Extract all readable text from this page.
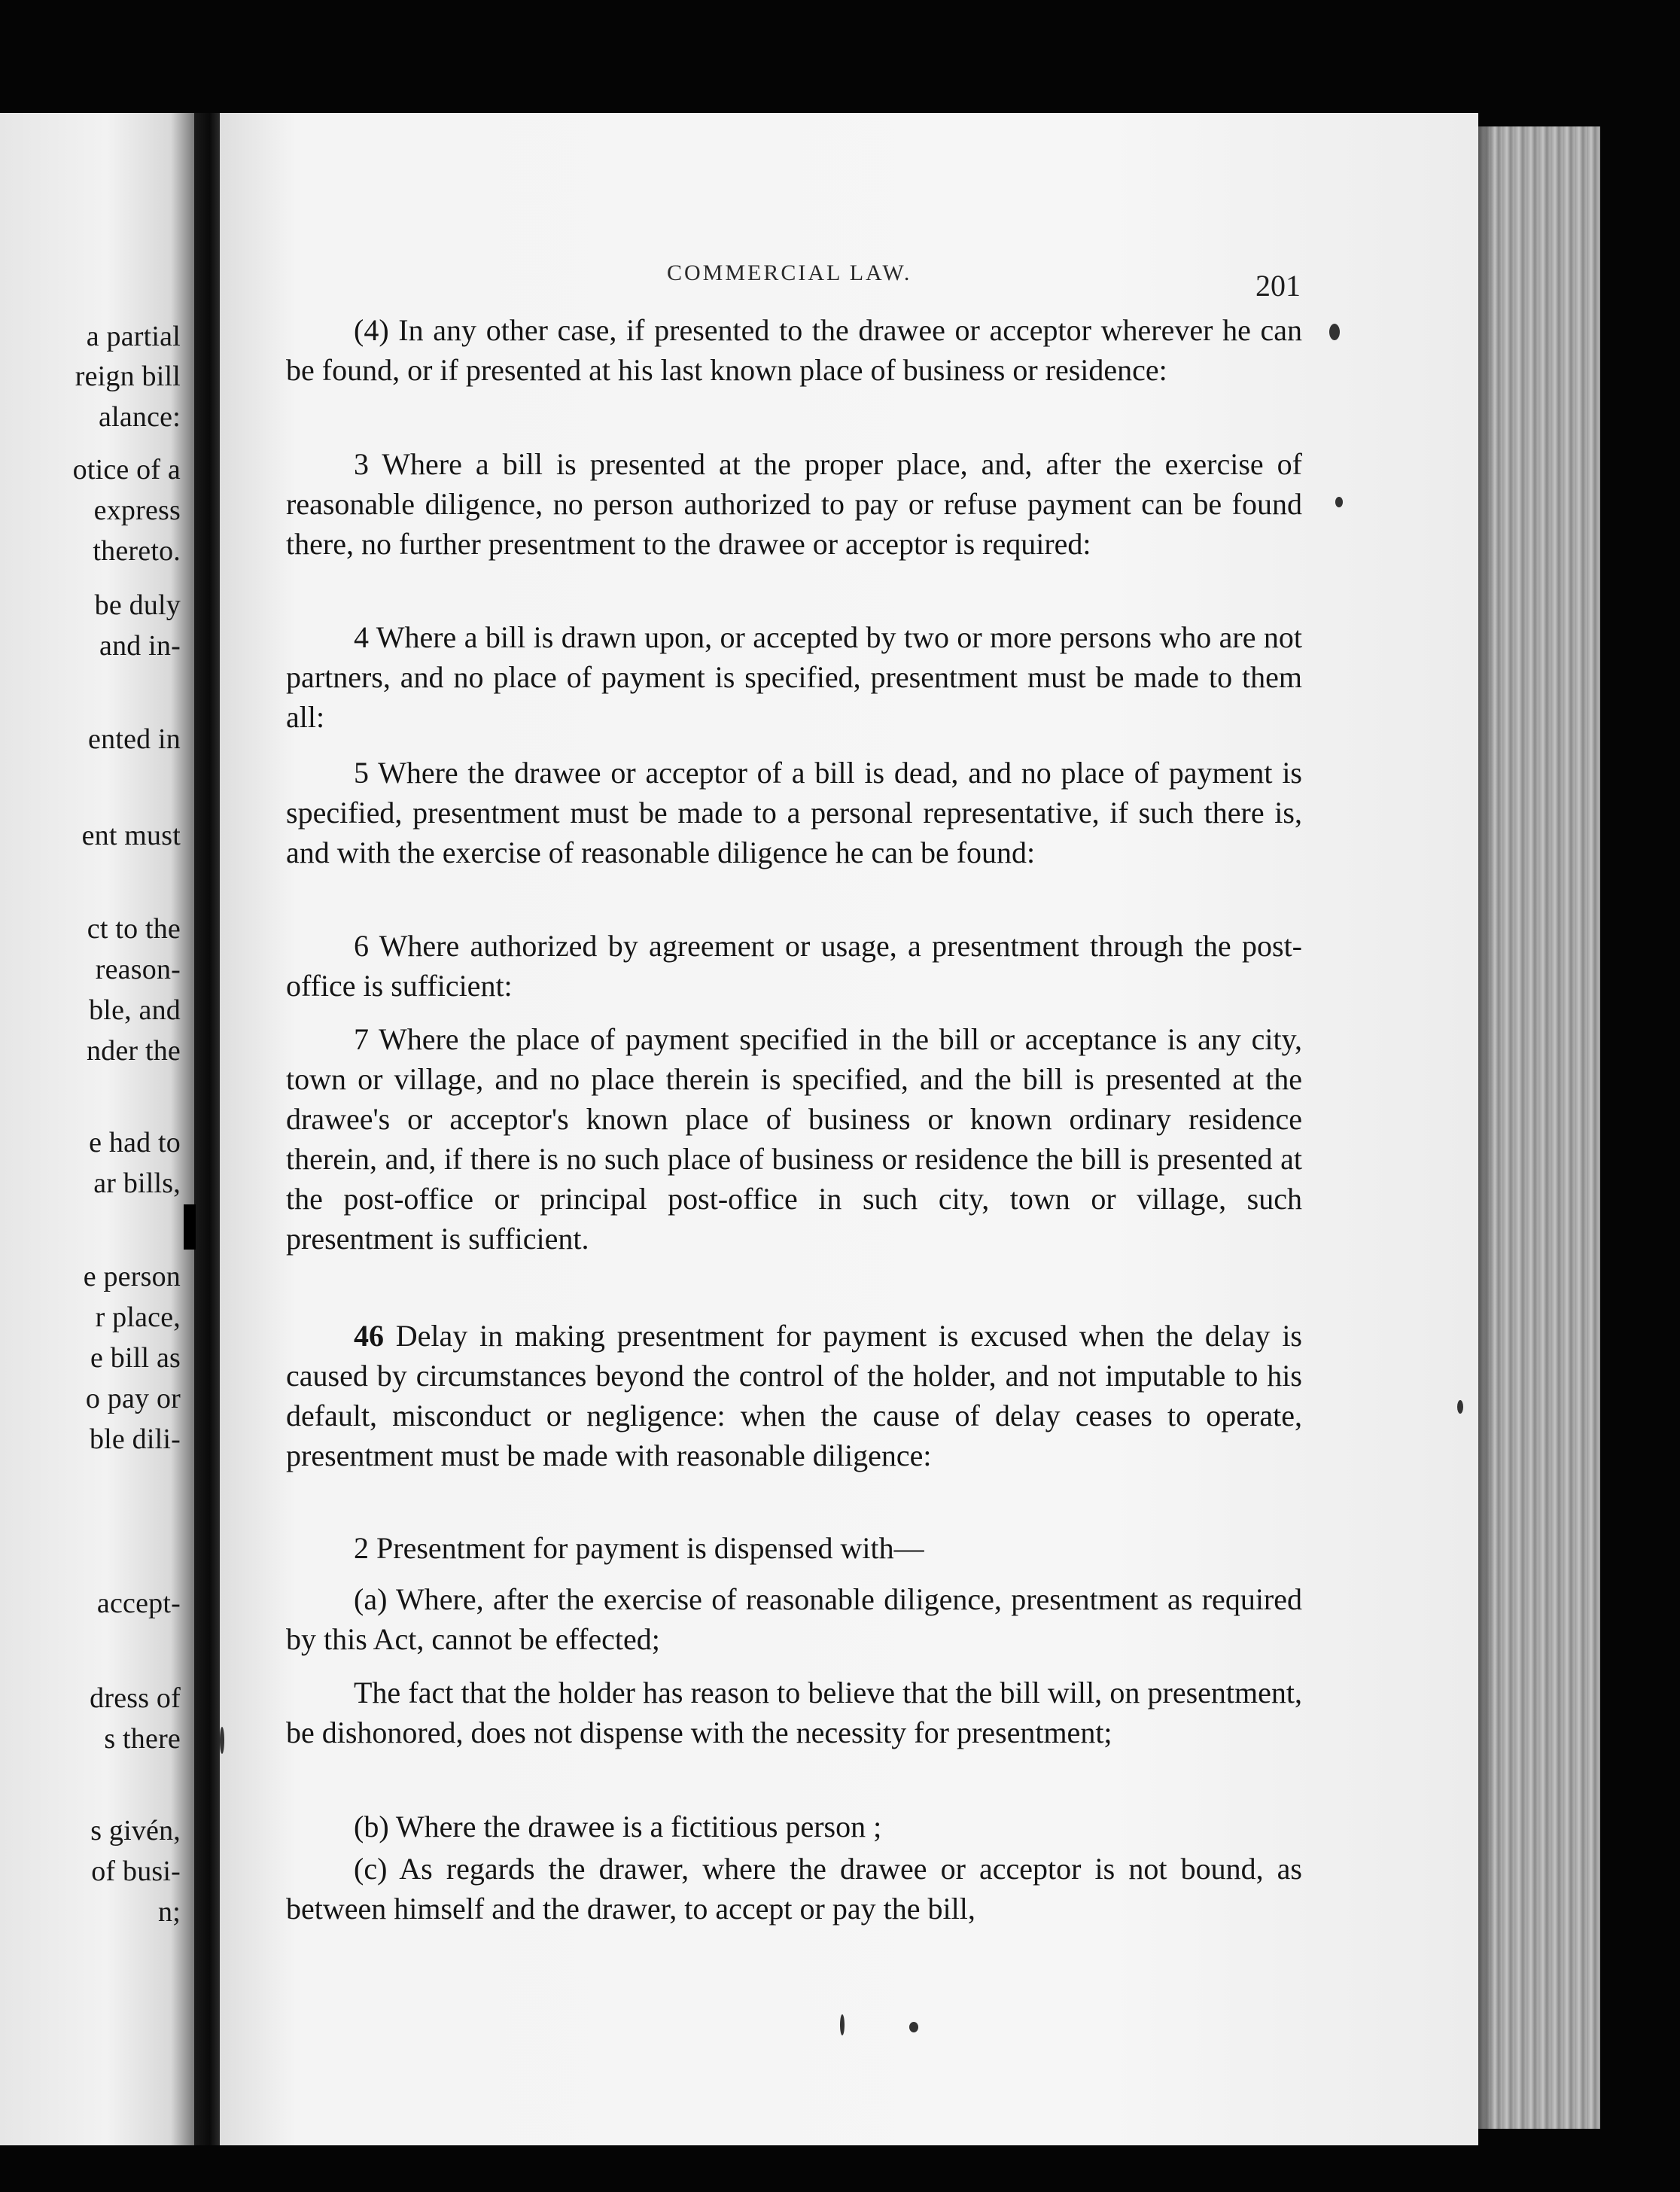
a partial
reign bill
alance:
otice of a
express
thereto.
be duly
and in-
ented in
ent must
ct to the
reason-
ble, and
nder the
e had to
ar bills,
e person
r place,
e bill as
o pay or
ble dili-
accept-
dress of
s there
s givén,
of busi-
n;
COMMERCIAL LAW.	201

(4) In any other case, if presented to the drawee or acceptor wherever he can be found, or if presented at his last known place of business or residence:

3 Where a bill is presented at the proper place, and, after the exercise of reasonable diligence, no person authorized to pay or refuse payment can be found there, no further presentment to the drawee or acceptor is required:

4 Where a bill is drawn upon, or accepted by two or more persons who are not partners, and no place of payment is specified, presentment must be made to them all:

5 Where the drawee or acceptor of a bill is dead, and no place of payment is specified, presentment must be made to a personal representative, if such there is, and with the exercise of reasonable diligence he can be found:

6 Where authorized by agreement or usage, a presentment through the post-office is sufficient:

7 Where the place of payment specified in the bill or acceptance is any city, town or village, and no place therein is specified, and the bill is presented at the drawee's or acceptor's known place of business or known ordinary residence therein, and, if there is no such place of business or residence the bill is presented at the post-office or principal post-office in such city, town or village, such presentment is sufficient.

46 Delay in making presentment for payment is excused when the delay is caused by circumstances beyond the control of the holder, and not imputable to his default, misconduct or negligence: when the cause of delay ceases to operate, presentment must be made with reasonable diligence:

2 Presentment for payment is dispensed with—

(a) Where, after the exercise of reasonable diligence, presentment as required by this Act, cannot be effected;

The fact that the holder has reason to believe that the bill will, on presentment, be dishonored, does not dispense with the necessity for presentment;

(b) Where the drawee is a fictitious person ;

(c) As regards the drawer, where the drawee or acceptor is not bound, as between himself and the drawer, to accept or pay the bill,
